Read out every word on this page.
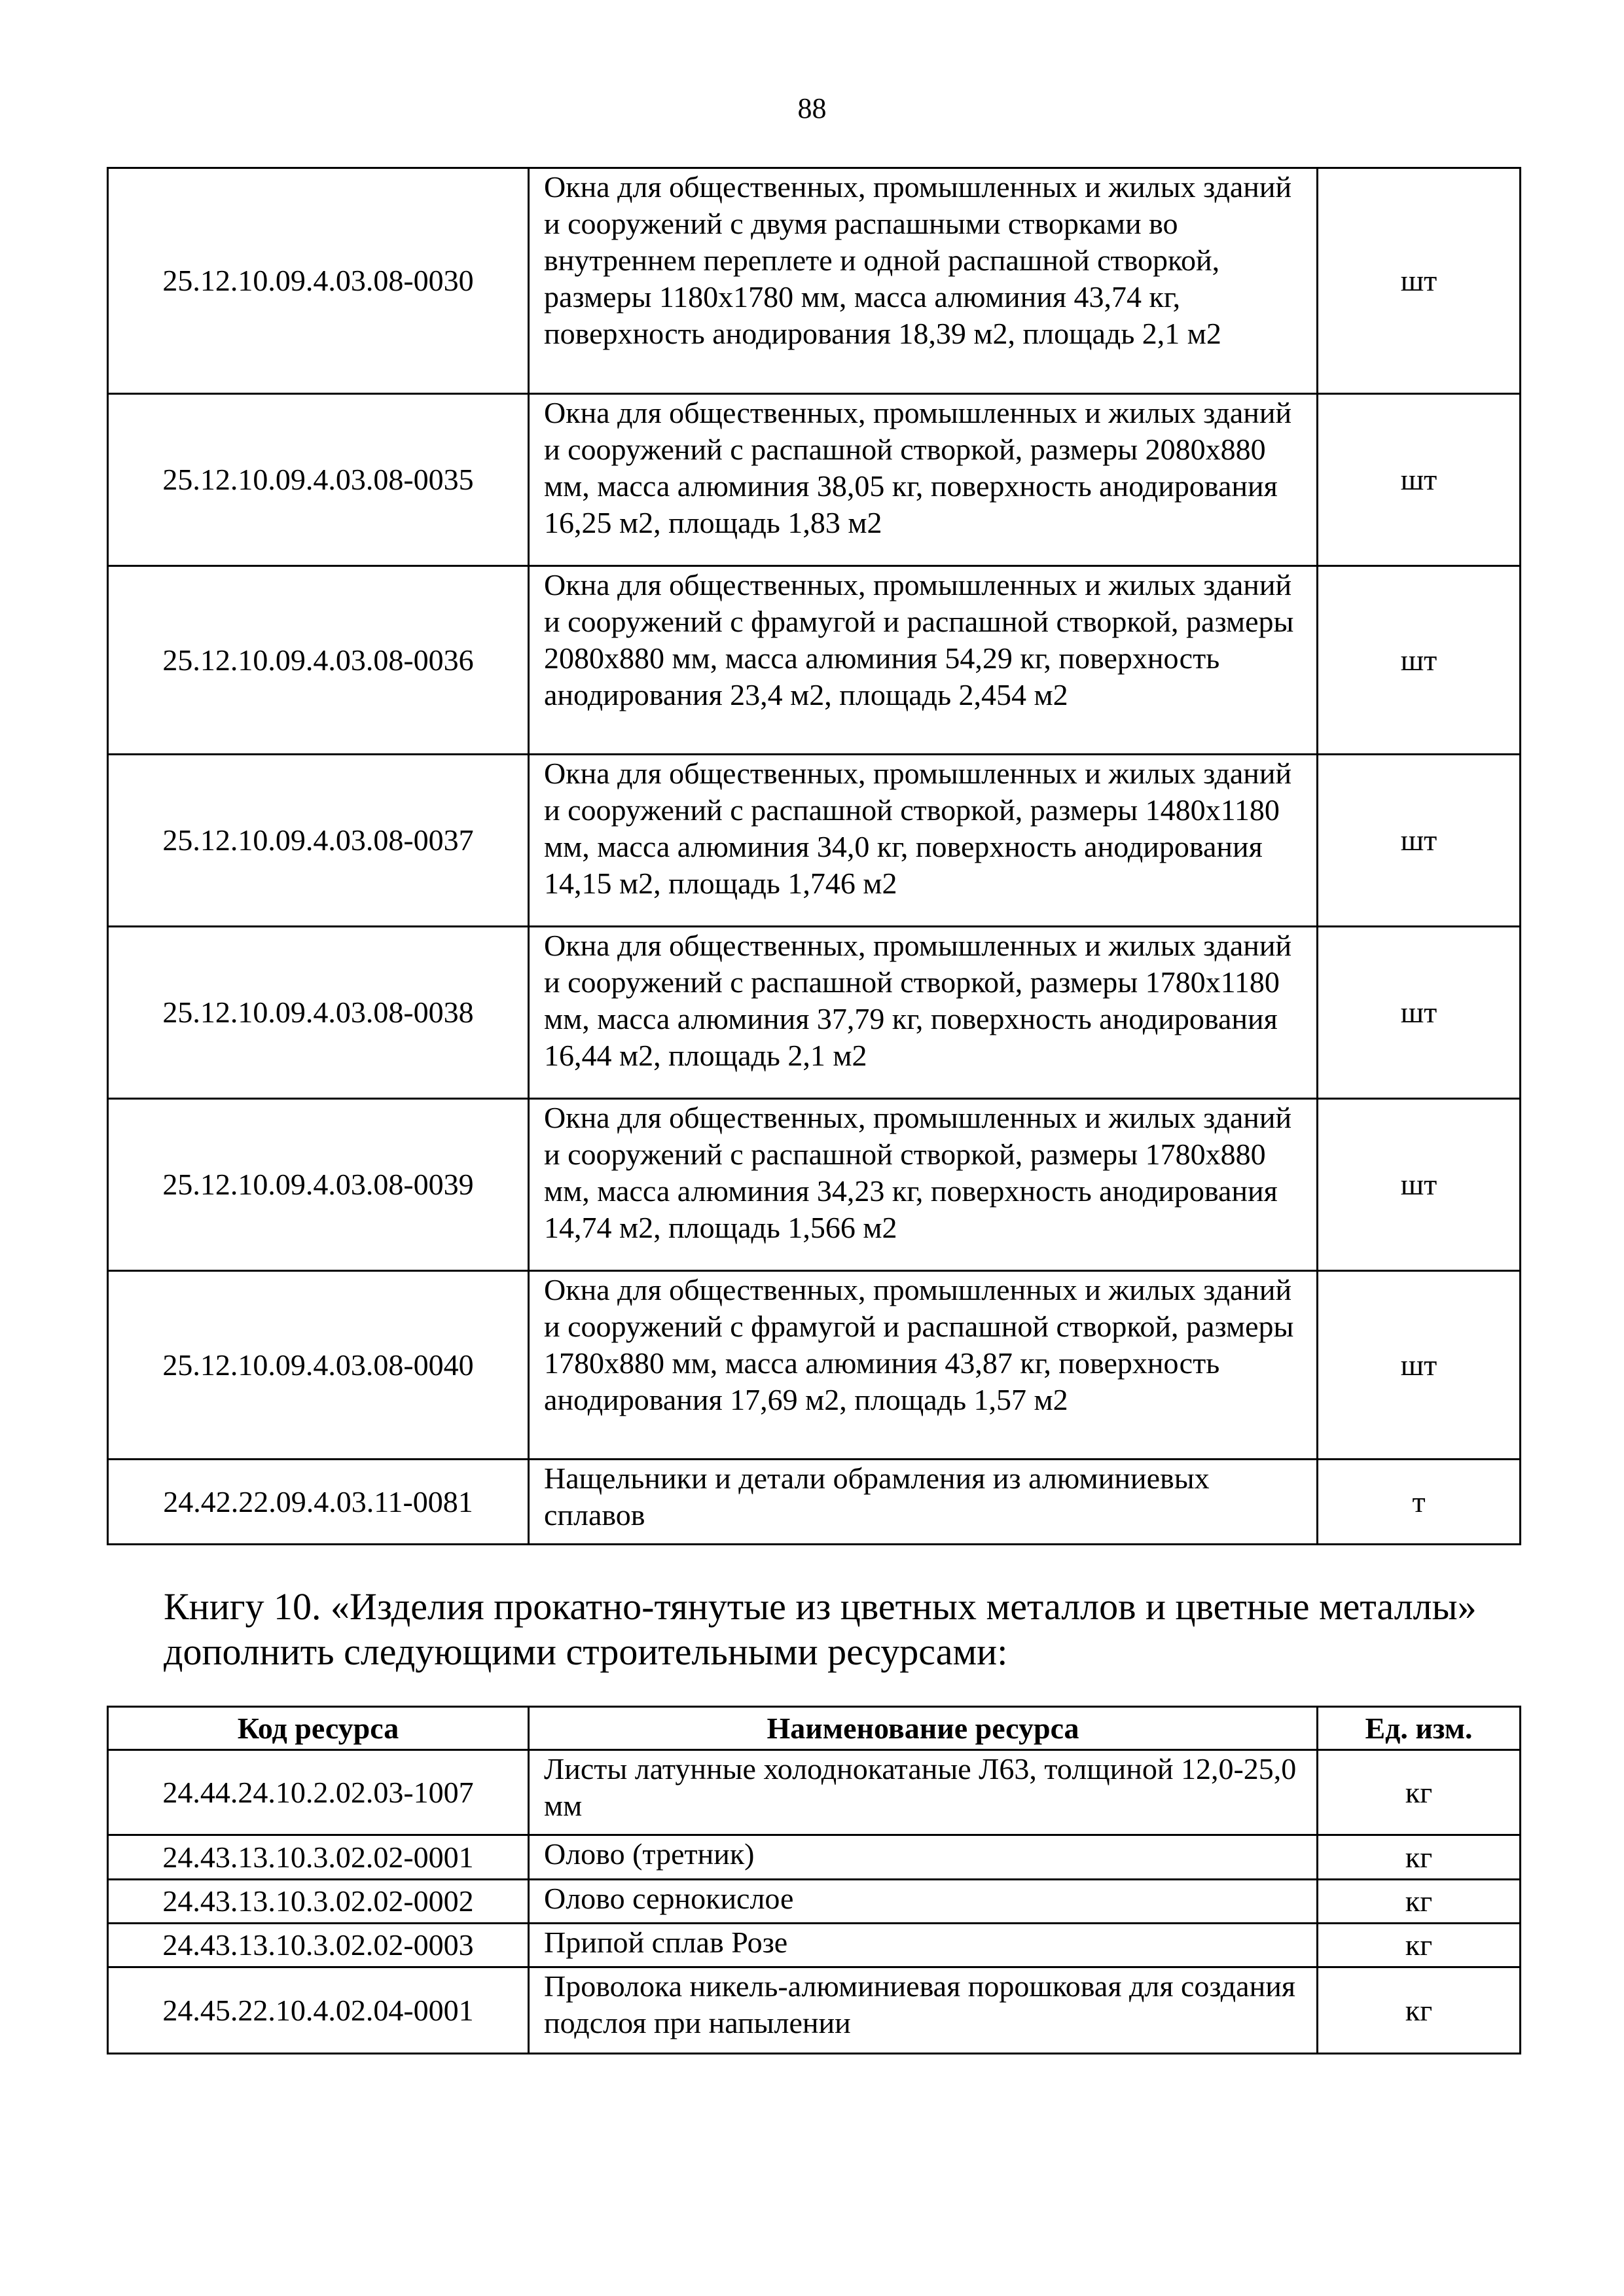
88
25.12.10.09.4.03.08-0030	Окна для общественных, промышленных и жилых зданий и сооружений с двумя распашными створками во внутреннем переплете и одной распашной створкой, размеры 1180x1780 мм, масса алюминия 43,74 кг, поверхность анодирования 18,39 м2, площадь 2,1 м2	шт
25.12.10.09.4.03.08-0035	Окна для общественных, промышленных и жилых зданий и сооружений с распашной створкой, размеры 2080x880 мм, масса алюминия 38,05 кг, поверхность анодирования 16,25 м2, площадь 1,83 м2	шт
25.12.10.09.4.03.08-0036	Окна для общественных, промышленных и жилых зданий и сооружений с фрамугой и распашной створкой, размеры 2080x880 мм, масса алюминия 54,29 кг, поверхность анодирования 23,4 м2, площадь 2,454 м2	шт
25.12.10.09.4.03.08-0037	Окна для общественных, промышленных и жилых зданий и сооружений с распашной створкой, размеры 1480x1180 мм, масса алюминия 34,0 кг, поверхность анодирования 14,15 м2, площадь 1,746 м2	шт
25.12.10.09.4.03.08-0038	Окна для общественных, промышленных и жилых зданий и сооружений с распашной створкой, размеры 1780x1180 мм, масса алюминия 37,79 кг, поверхность анодирования 16,44 м2, площадь 2,1 м2	шт
25.12.10.09.4.03.08-0039	Окна для общественных, промышленных и жилых зданий и сооружений с распашной створкой, размеры 1780x880 мм, масса алюминия 34,23 кг, поверхность анодирования 14,74 м2, площадь 1,566 м2	шт
25.12.10.09.4.03.08-0040	Окна для общественных, промышленных и жилых зданий и сооружений с фрамугой и распашной створкой, размеры 1780x880 мм, масса алюминия 43,87 кг, поверхность анодирования 17,69 м2, площадь 1,57 м2	шт
24.42.22.09.4.03.11-0081	Нащельники и детали обрамления из алюминиевых сплавов	т
Книгу 10. «Изделия прокатно-тянутые из цветных металлов и цветные металлы» дополнить следующими строительными ресурсами:
Код ресурса	Наименование ресурса	Ед. изм.
24.44.24.10.2.02.03-1007	Листы латунные холоднокатаные Л63, толщиной 12,0-25,0 мм	кг
24.43.13.10.3.02.02-0001	Олово (третник)	кг
24.43.13.10.3.02.02-0002	Олово сернокислое	кг
24.43.13.10.3.02.02-0003	Припой сплав Розе	кг
24.45.22.10.4.02.04-0001	Проволока никель-алюминиевая порошковая для создания подслоя при напылении	кг
